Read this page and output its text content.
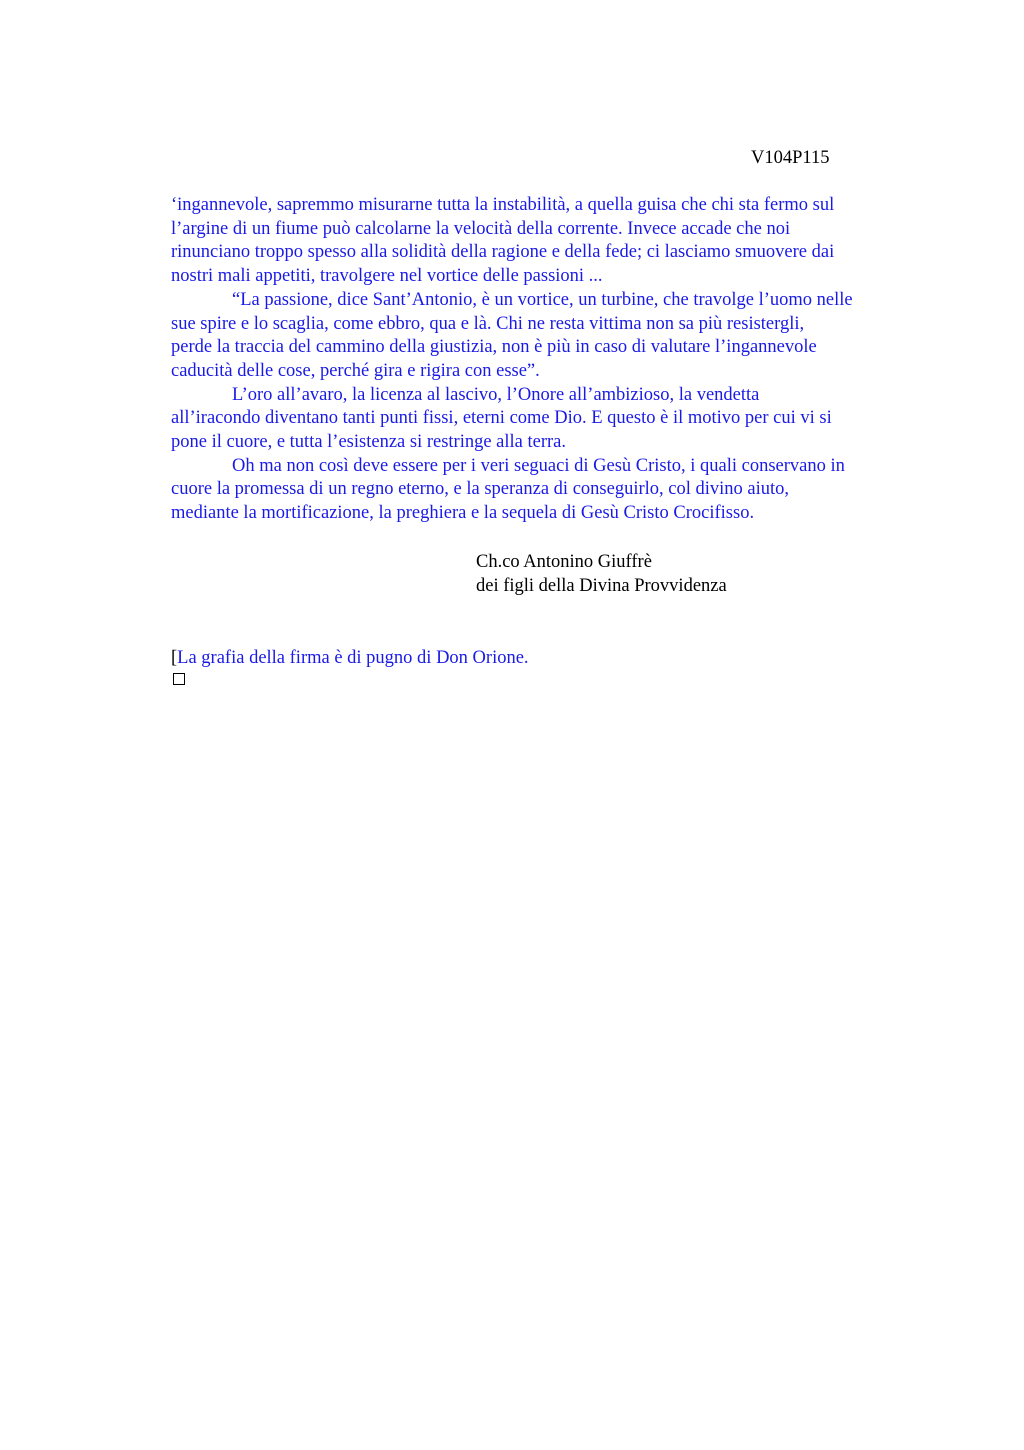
V104P115

‘ingannevole, sapremmo misurarne tutta la instabilità, a quella guisa che chi sta fermo sul

l’argine di un fiume può calcolarne la velocità della corrente. Invece accade che noi

rinunciano troppo spesso alla solidità della ragione e della fede; ci lasciamo smuovere dai

nostri mali appetiti, travolgere nel vortice delle passioni ...

“La passione, dice Sant’Antonio, è un vortice, un turbine, che travolge l’uomo nelle

sue spire e lo scaglia, come ebbro, qua e là. Chi ne resta vittima non sa più resistergli,

perde la traccia del cammino della giustizia, non è più in caso di valutare l’ingannevole

caducità delle cose, perché gira e rigira con esse”.

L’oro all’avaro, la licenza al lascivo, l’Onore all’ambizioso, la vendetta

all’iracondo diventano tanti punti fissi, eterni come Dio. E questo è il motivo per cui vi si

pone il cuore, e tutta l’esistenza si restringe alla terra.

Oh ma non così deve essere per i veri seguaci di Gesù Cristo, i quali conservano in

cuore la promessa di un regno eterno, e la speranza di conseguirlo, col divino aiuto,

mediante la mortificazione, la preghiera e la sequela di Gesù Cristo Crocifisso.

Ch.co Antonino Giuffrè
dei figli della Divina Provvidenza
[La grafia della firma è di pugno di Don Orione.
